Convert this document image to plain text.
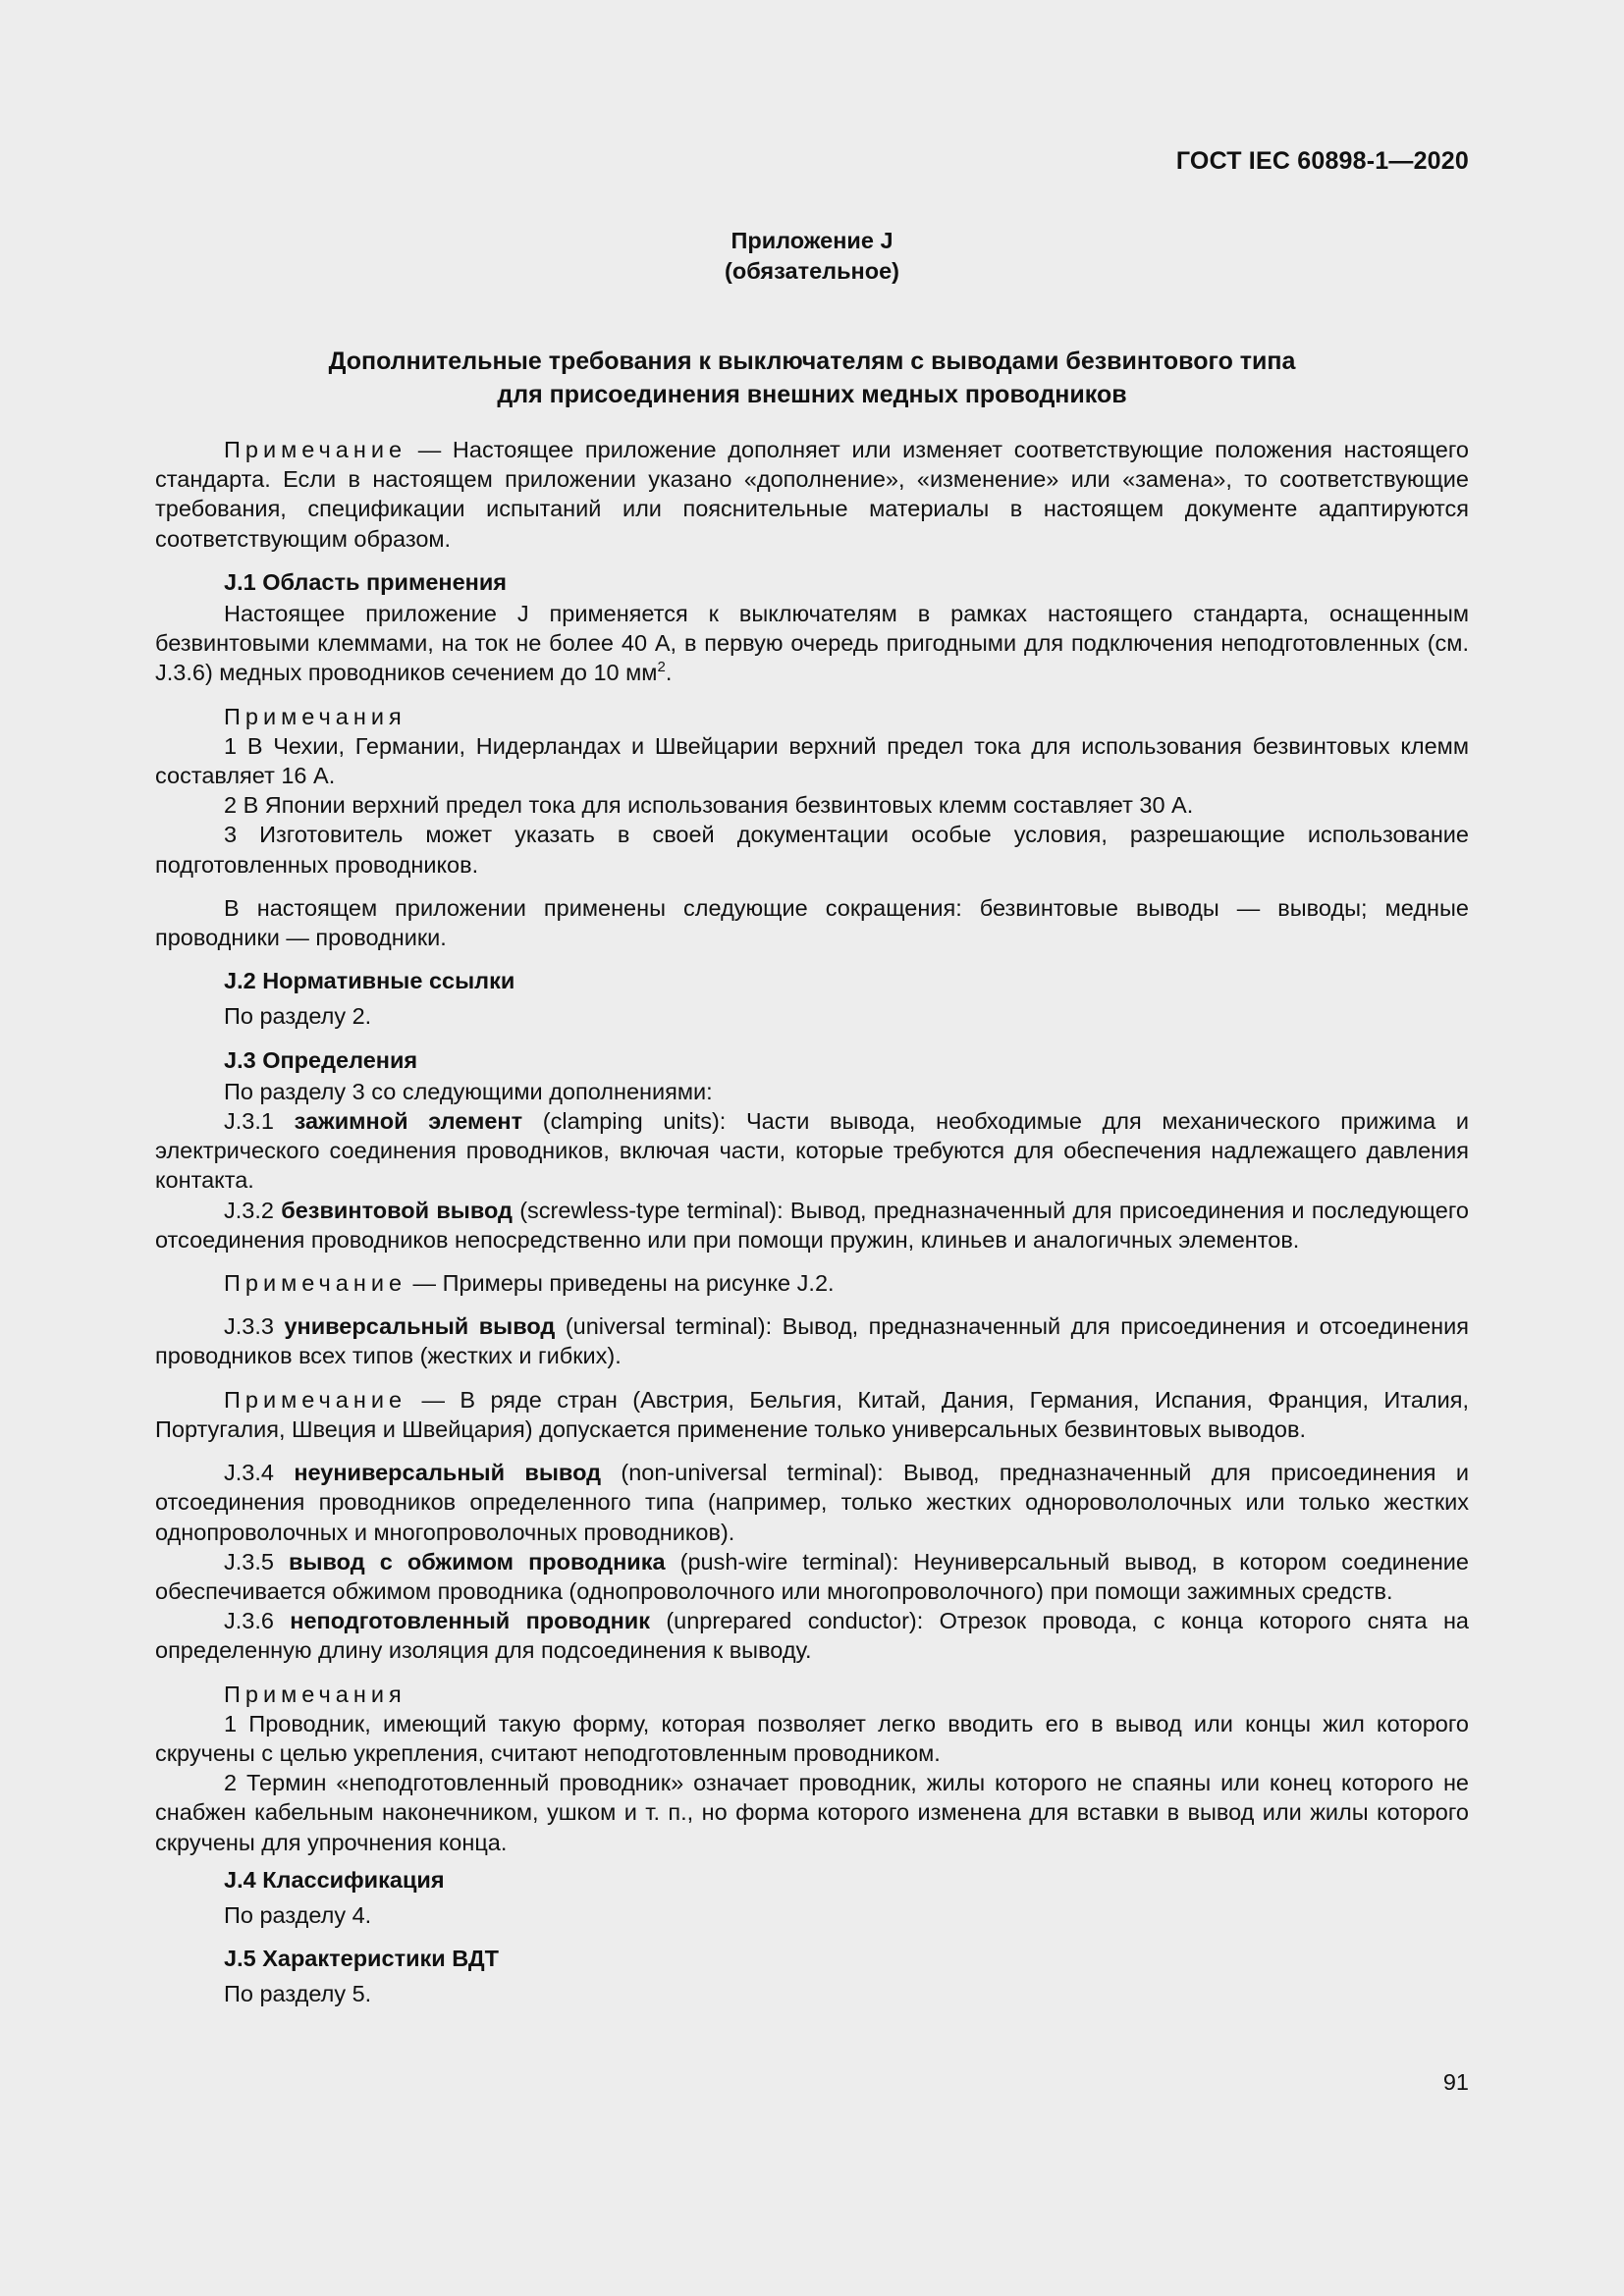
ГОСТ IEC 60898-1—2020
Приложение J
(обязательное)
Дополнительные требования к выключателям с выводами безвинтового типа
для присоединения внешних медных проводников

Примечание — Настоящее приложение дополняет или изменяет соответствующие положения настоящего стандарта. Если в настоящем приложении указано «дополнение», «изменение» или «замена», то соответствующие требования, спецификации испытаний или пояснительные материалы в настоящем документе адаптируются соответствующим образом.

J.1 Область применения

Настоящее приложение J применяется к выключателям в рамках настоящего стандарта, оснащенным безвинтовыми клеммами, на ток не более 40 А, в первую очередь пригодными для подключения неподготовленных (см. J.3.6) медных проводников сечением до 10 $мм^2$.

Примечания

1 В Чехии, Германии, Нидерландах и Швейцарии верхний предел тока для использования безвинтовых клемм составляет 16 А.

2 В Японии верхний предел тока для использования безвинтовых клемм составляет 30 А.

3 Изготовитель может указать в своей документации особые условия, разрешающие использование подготовленных проводников.

В настоящем приложении применены следующие сокращения: безвинтовые выводы — выводы; медные проводники — проводники.

J.2 Нормативные ссылки
По разделу 2.
J.3 Определения
По разделу 3 со следующими дополнениями:

J.3.1 зажимной элемент (clamping units): Части вывода, необходимые для механического прижима и электрического соединения проводников, включая части, которые требуются для обеспечения надлежащего давления контакта.

J.3.2 безвинтовой вывод (screwless-type terminal): Вывод, предназначенный для присоединения и последующего отсоединения проводников непосредственно или при помощи пружин, клиньев и аналогичных элементов.

Примечание — Примеры приведены на рисунке J.2.

J.3.3 универсальный вывод (universal terminal): Вывод, предназначенный для присоединения и отсоединения проводников всех типов (жестких и гибких).

Примечание — В ряде стран (Австрия, Бельгия, Китай, Дания, Германия, Испания, Франция, Италия, Португалия, Швеция и Швейцария) допускается применение только универсальных безвинтовых выводов.

J.3.4 неуниверсальный вывод (non-universal terminal): Вывод, предназначенный для присоединения и отсоединения проводников определенного типа (например, только жестких одноровололочных или только жестких однопроволочных и многопроволочных проводников).

J.3.5 вывод с обжимом проводника (push-wire terminal): Неуниверсальный вывод, в котором соединение обеспечивается обжимом проводника (однопроволочного или многопроволочного) при помощи зажимных средств.

J.3.6 неподготовленный проводник (unprepared conductor): Отрезок провода, с конца которого снята на определенную длину изоляция для подсоединения к выводу.

Примечания

1 Проводник, имеющий такую форму, которая позволяет легко вводить его в вывод или концы жил которого скручены с целью укрепления, считают неподготовленным проводником.

2 Термин «неподготовленный проводник» означает проводник, жилы которого не спаяны или конец которого не снабжен кабельным наконечником, ушком и т. п., но форма которого изменена для вставки в вывод или жилы которого скручены для упрочнения конца.

J.4 Классификация
По разделу 4.
J.5 Характеристики ВДТ
По разделу 5.
91
